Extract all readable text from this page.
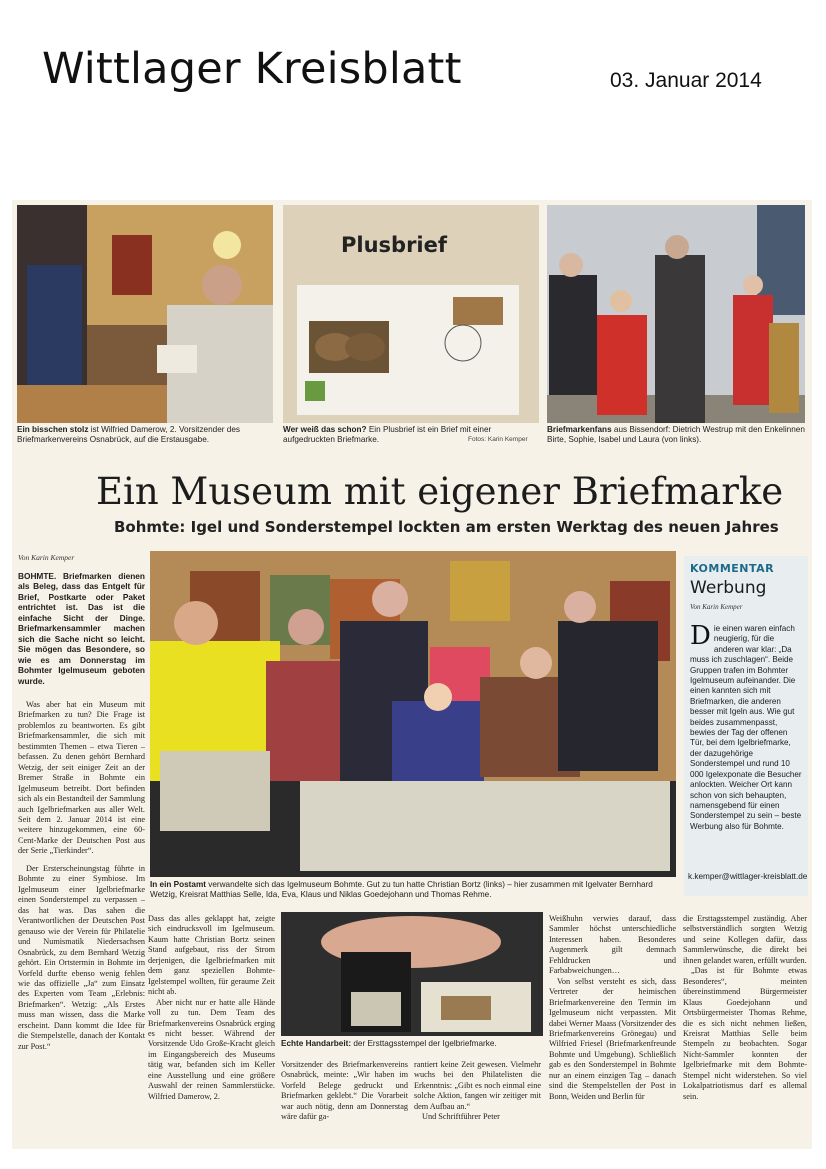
Wittlager Kreisblatt	03. Januar 2014
Ein bisschen stolz ist Wilfried Damerow, 2. Vorsitzender des Briefmarkenvereins Osnabrück, auf die Erstausgabe.
Plusbrief
Wer weiß das schon? Ein Plusbrief ist ein Brief mit einer aufgedruckten Briefmarke.	Fotos: Karin Kemper
Briefmarkenfans aus Bissendorf: Dietrich Westrup mit den Enkelinnen Birte, Sophie, Isabel und Laura (von links).
Ein Museum mit eigener Briefmarke
Bohmte: Igel und Sonderstempel lockten am ersten Werktag des neuen Jahres
Von Karin Kemper
BOHMTE. Briefmarken dienen als Beleg, dass das Entgelt für Brief, Postkarte oder Paket entrichtet ist. Das ist die einfache Sicht der Dinge. Briefmarkensammler machen sich die Sache nicht so leicht. Sie mögen das Besondere, so wie es am Donnerstag im Bohmter Igelmuseum geboten wurde.

Was aber hat ein Museum mit Briefmarken zu tun? Die Frage ist problemlos zu beantworten. Es gibt Briefmarkensammler, die sich mit bestimmten Themen – etwa Tieren – befassen. Zu denen gehört Bernhard Wetzig, der seit einiger Zeit an der Bremer Straße in Bohmte ein Igelmuseum betreibt. Dort befinden sich als ein Bestandteil der Sammlung auch Igelbriefmarken aus aller Welt. Seit dem 2. Januar 2014 ist eine weitere hinzugekommen, eine 60-Cent-Marke der Deutschen Post aus der Serie „Tierkinder“.

Der Ersterscheinungstag führte in Bohmte zu einer Symbiose. Im Igelmuseum einer Igelbriefmarke einen Sonderstempel zu verpassen – das hat was. Das sahen die Verantwortlichen der Deutschen Post genauso wie der Verein für Philatelie und Numismatik Niedersachsen Osnabrück, zu dem Bernhard Wetzig gehört. Ein Ortstermin in Bohmte im Vorfeld durfte ebenso wenig fehlen wie das offizielle „Ja“ zum Einsatz des Experten vom Team „Erlebnis: Briefmarken“. Wetzig: „Als Erstes muss man wissen, dass die Marke erscheint. Dann kommt die Idee für die Stempelstelle, danach der Kontakt zur Post.“

In ein Postamt verwandelte sich das Igelmuseum Bohmte. Gut zu tun hatte Christian Bortz (links) – hier zusammen mit Igelvater Bernhard Wetzig, Kreisrat Matthias Selle, Ida, Eva, Klaus und Niklas Goedejohann und Thomas Rehme.
KOMMENTAR
Werbung
Von Karin Kemper
Die einen waren einfach neugierig, für die anderen war klar: „Da muss ich zuschlagen“. Beide Gruppen trafen im Bohmter Igelmuseum aufeinander. Die einen kannten sich mit Briefmarken, die anderen besser mit Igeln aus. Wie gut beides zusammenpasst, bewies der Tag der offenen Tür, bei dem Igelbriefmarke, der dazugehörige Sonderstempel und rund 10 000 Igelexponate die Besucher anlockten. Weicher Ort kann schon von sich behaupten, namensgebend für einen Sonderstempel zu sein – beste Werbung also für Bohmte.
k.kemper@wittlager-kreisblatt.de

Dass das alles geklappt hat, zeigte sich eindrucksvoll im Igelmuseum. Kaum hatte Christian Bortz seinen Stand aufgebaut, riss der Strom derjenigen, die Igelbriefmarken mit dem ganz speziellen Bohmte-Igelstempel wollten, für geraume Zeit nicht ab.

Aber nicht nur er hatte alle Hände voll zu tun. Dem Team des Briefmarkenvereins Osnabrück erging es nicht besser. Während der Vorsitzende Udo Große-Kracht gleich im Eingangsbereich des Museums tätig war, befanden sich im Keller eine Ausstellung und eine größere Auswahl der reinen Sammlerstücke. Wilfried Damerow, 2.

Echte Handarbeit: der Ersttagsstempel der Igelbriefmarke.

Vorsitzender des Briefmarkenvereins Osnabrück, meinte: „Wir haben im Vorfeld Belege gedruckt und Briefmarken geklebt.“ Die Vorarbeit war auch nötig, denn am Donnerstag wäre dafür ga-

rantiert keine Zeit gewesen. Vielmehr wuchs bei den Philatelisten die Erkenntnis: „Gibt es noch einmal eine solche Aktion, fangen wir zeitiger mit dem Aufbau an.“

Und Schriftführer Peter

Weißhuhn verwies darauf, dass Sammler höchst unterschiedliche Interessen haben. Besonderes Augenmerk gilt demnach Fehldrucken und Farbabweichungen…

Von selbst versteht es sich, dass Vertreter der heimischen Briefmarkenvereine den Termin im Igelmuseum nicht verpassten. Mit dabei Werner Maass (Vorsitzender des Briefmarkenvereins Grönegau) und Wilfried Friesel (Briefmarkenfreunde Bohmte und Umgebung). Schließlich gab es den Sonderstempel in Bohmte nur an einem einzigen Tag – danach sind die Stempelstellen der Post in Bonn, Weiden und Berlin für

die Ersttagsstempel zuständig. Aber selbstverständlich sorgten Wetzig und seine Kollegen dafür, dass Sammlerwünsche, die direkt bei ihnen gelandet waren, erfüllt wurden.

„Das ist für Bohmte etwas Besonderes“, meinten übereinstimmend Bürgermeister Klaus Goedejohann und Ortsbürgermeister Thomas Rehme, die es sich nicht nehmen ließen, Kreisrat Matthias Selle beim Stempeln zu beobachten. Sogar Nicht-Sammler konnten der Igelbriefmarke mit dem Bohmte-Stempel nicht widerstehen. So viel Lokalpatriotismus darf es allemal sein.
